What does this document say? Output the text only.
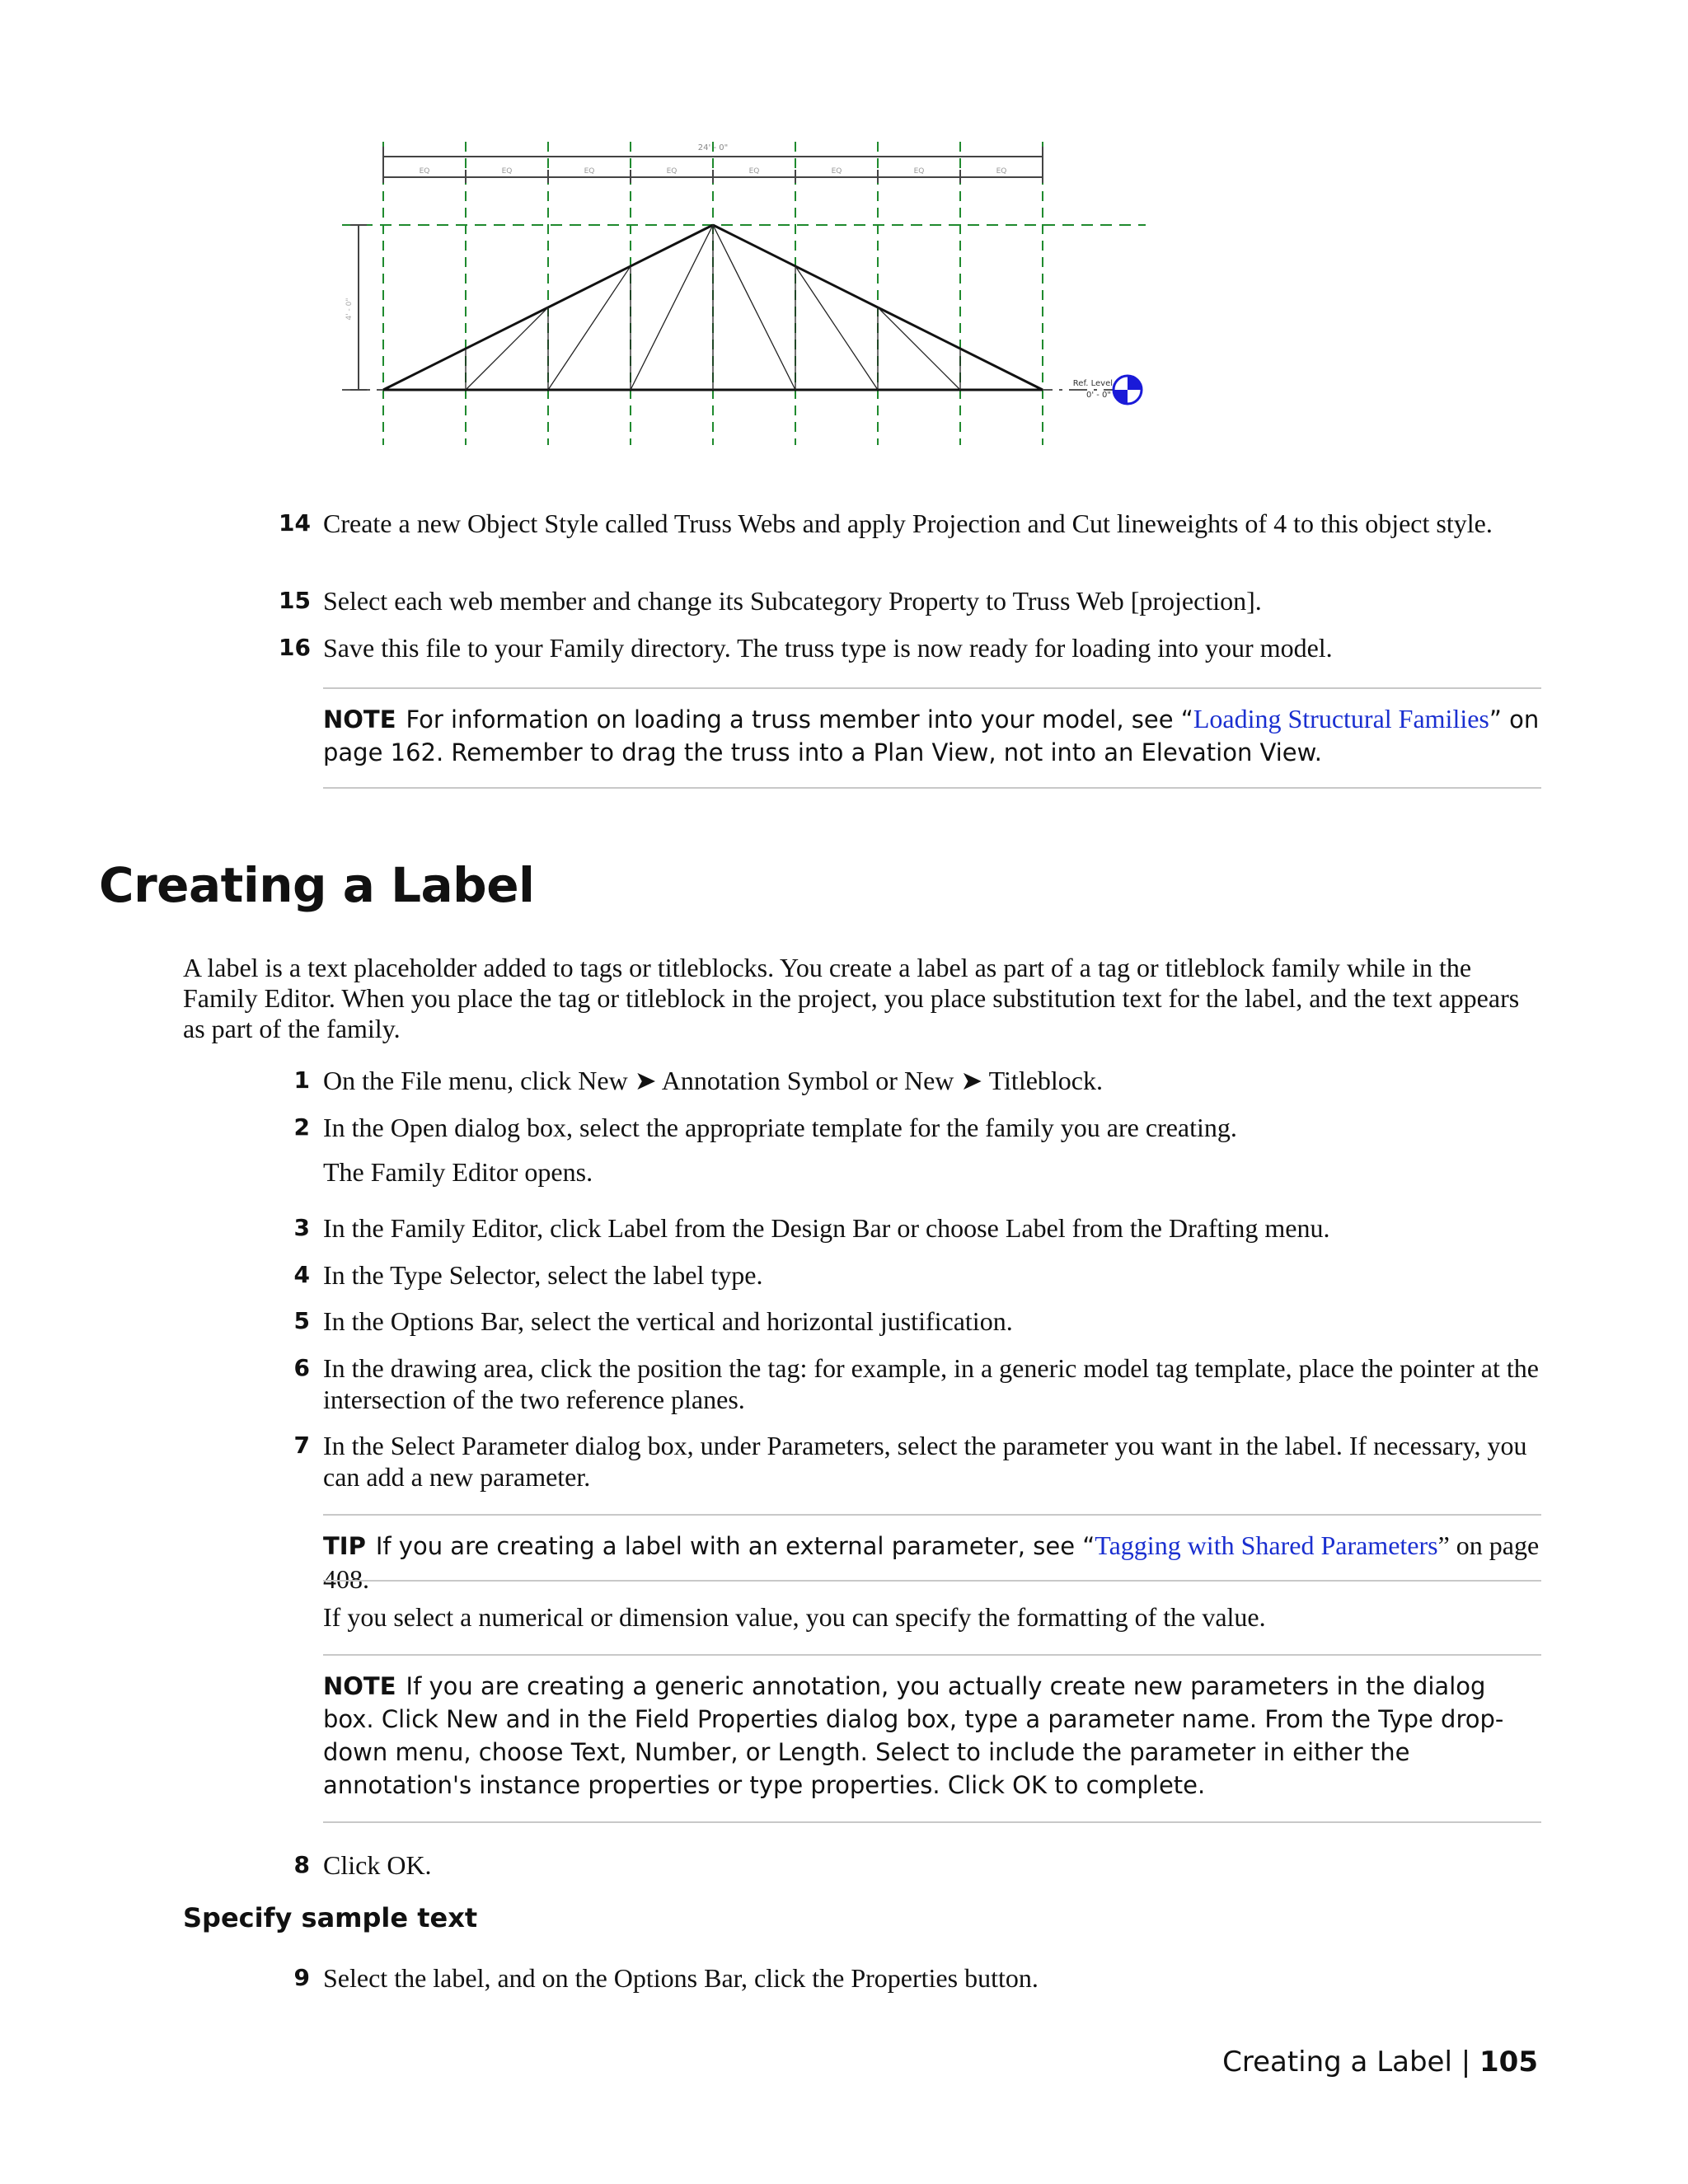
24' - 0"
EQ	EQ	EQ	EQ	EQ	EQ	EQ	EQ
4' - 0"
Ref. Level
0' - 0"
14 Create a new Object Style called Truss Webs and apply Projection and Cut lineweights of 4 to this object style.
15 Select each web member and change its Subcategory Property to Truss Web [projection].
16 Save this file to your Family directory. The truss type is now ready for loading into your model.
NOTE For information on loading a truss member into your model, see “Loading Structural Families” on page 162. Remember to drag the truss into a Plan View, not into an Elevation View.
Creating a Label
A label is a text placeholder added to tags or titleblocks. You create a label as part of a tag or titleblock family while in the Family Editor. When you place the tag or titleblock in the project, you place substitution text for the label, and the text appears as part of the family.
1 On the File menu, click New ➤ Annotation Symbol or New ➤ Titleblock.
2 In the Open dialog box, select the appropriate template for the family you are creating.
The Family Editor opens.
3 In the Family Editor, click Label from the Design Bar or choose Label from the Drafting menu.
4 In the Type Selector, select the label type.
5 In the Options Bar, select the vertical and horizontal justification.
6 In the drawing area, click the position the tag: for example, in a generic model tag template, place the pointer at the intersection of the two reference planes.
7 In the Select Parameter dialog box, under Parameters, select the parameter you want in the label. If necessary, you can add a new parameter.
TIP If you are creating a label with an external parameter, see “Tagging with Shared Parameters” on page 408.
If you select a numerical or dimension value, you can specify the formatting of the value.
NOTE If you are creating a generic annotation, you actually create new parameters in the dialog box. Click New and in the Field Properties dialog box, type a parameter name. From the Type drop-down menu, choose Text, Number, or Length. Select to include the parameter in either the annotation's instance properties or type properties. Click OK to complete.
8 Click OK.
Specify sample text
9 Select the label, and on the Options Bar, click the Properties button.
Creating a Label | 105
